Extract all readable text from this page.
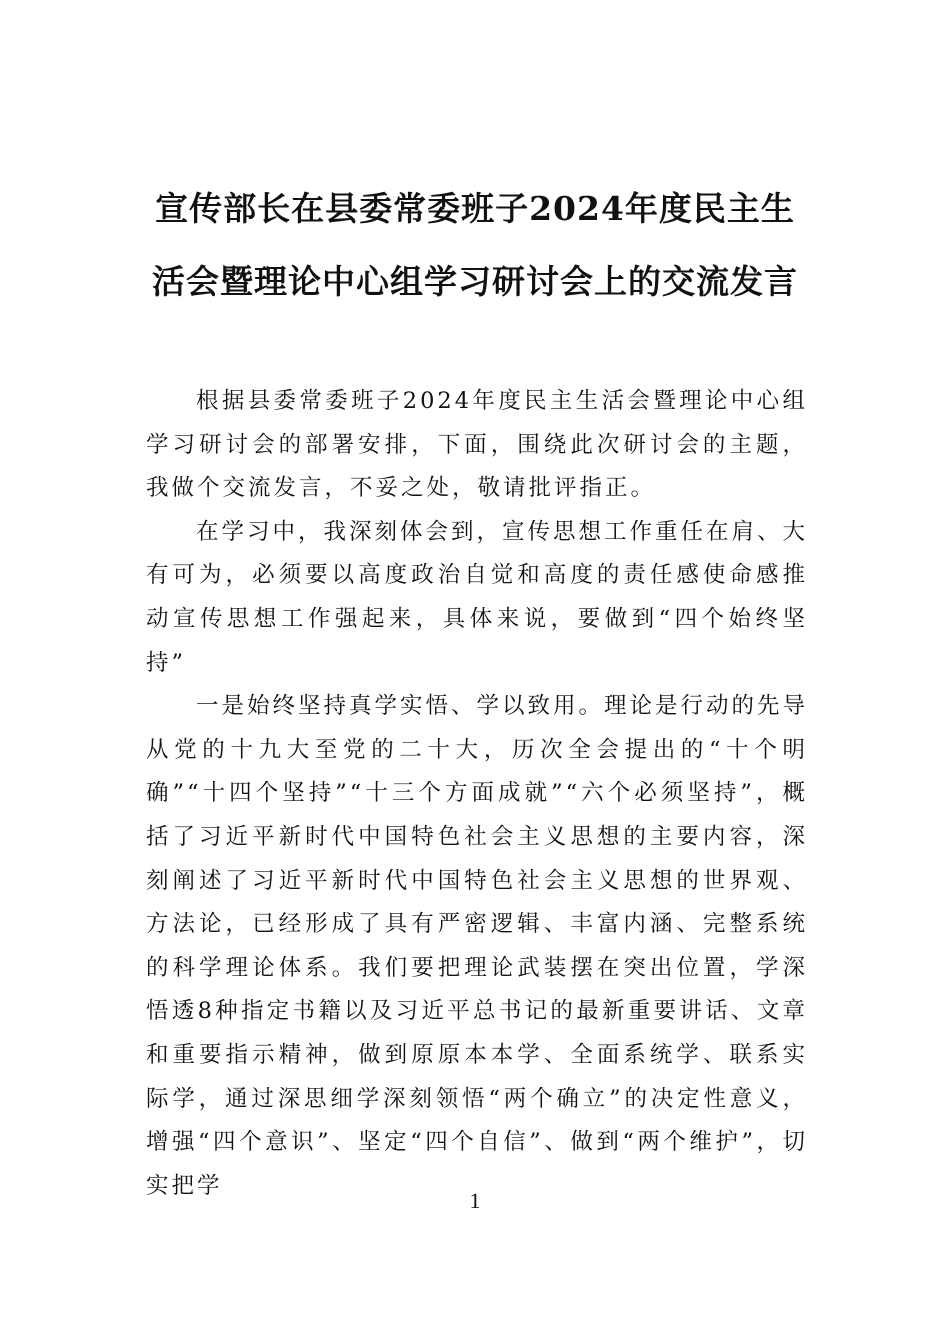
宣传部长在县委常委班子2024年度民主生活会暨理论中心组学习研讨会上的交流发言

根据县委常委班子2024年度民主生活会暨理论中心组学习研讨会的部署安排，下面，围绕此次研讨会的主题，我做个交流发言，不妥之处，敬请批评指正。

在学习中，我深刻体会到，宣传思想工作重任在肩、大有可为，必须要以高度政治自觉和高度的责任感使命感推动宣传思想工作强起来，具体来说，要做到“四个始终坚持”

一是始终坚持真学实悟、学以致用。理论是行动的先导从党的十九大至党的二十大，历次全会提出的“十个明确”“十四个坚持”“十三个方面成就”“六个必须坚持”，概括了习近平新时代中国特色社会主义思想的主要内容，深刻阐述了习近平新时代中国特色社会主义思想的世界观、方法论，已经形成了具有严密逻辑、丰富内涵、完整系统的科学理论体系。我们要把理论武装摆在突出位置，学深悟透8种指定书籍以及习近平总书记的最新重要讲话、文章和重要指示精神，做到原原本本学、全面系统学、联系实际学，通过深思细学深刻领悟“两个确立”的决定性意义，增强“四个意识”、坚定“四个自信”、做到“两个维护”，切实把学

1
